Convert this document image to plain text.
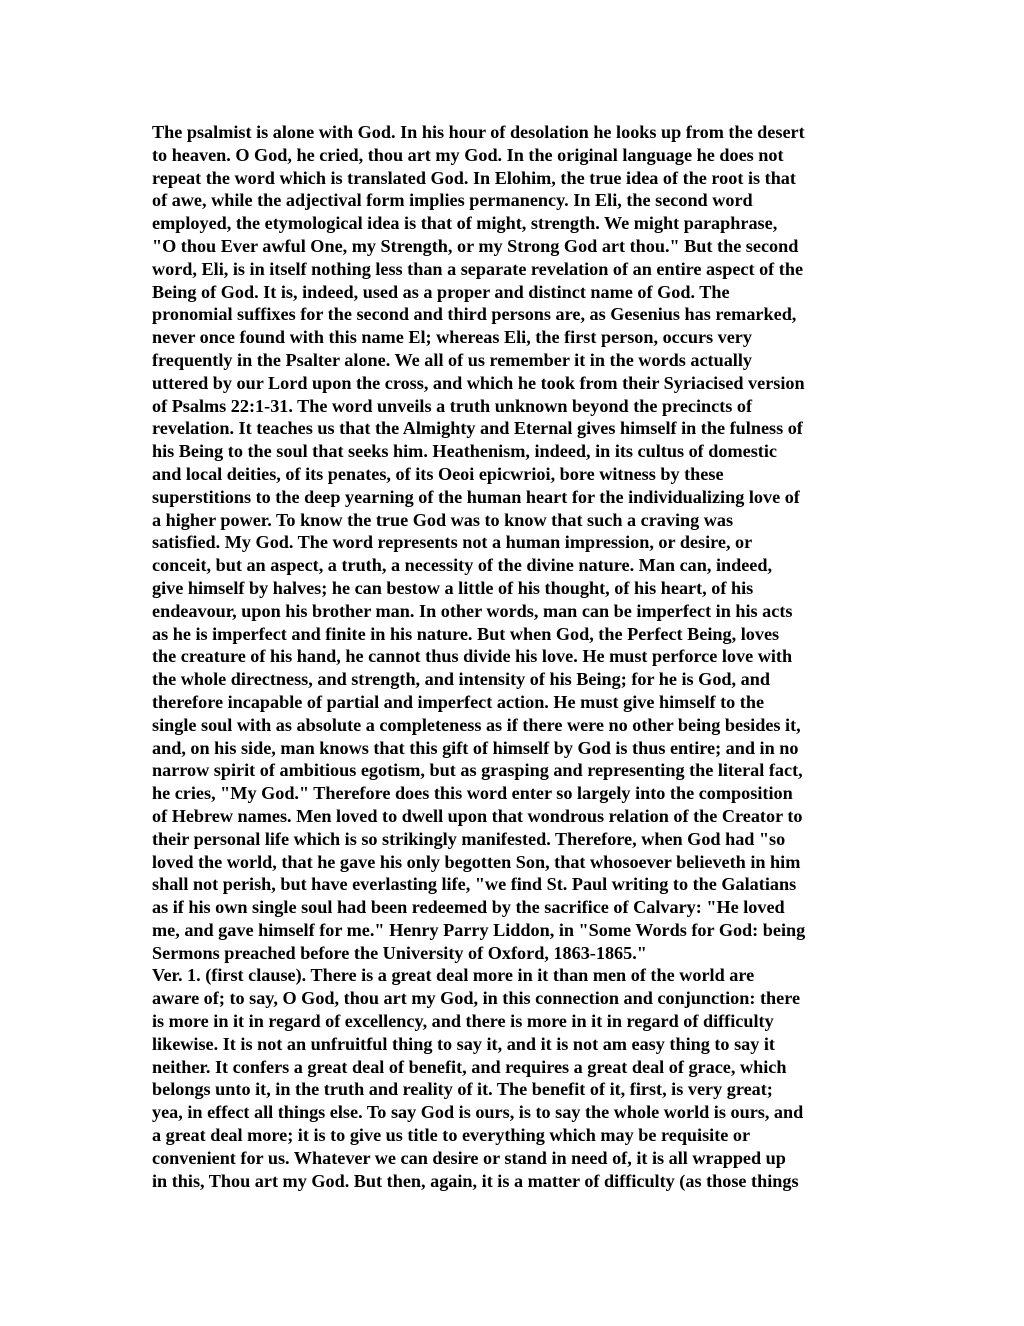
The psalmist is alone with God. In his hour of desolation he looks up from the desert
to heaven. O God, he cried, thou art my God. In the original language he does not
repeat the word which is translated God. In Elohim, the true idea of the root is that
of awe, while the adjectival form implies permanency. In Eli, the second word
employed, the etymological idea is that of might, strength. We might paraphrase,
"O thou Ever awful One, my Strength, or my Strong God art thou." But the second
word, Eli, is in itself nothing less than a separate revelation of an entire aspect of the
Being of God. It is, indeed, used as a proper and distinct name of God. The
pronomial suffixes for the second and third persons are, as Gesenius has remarked,
never once found with this name El; whereas Eli, the first person, occurs very
frequently in the Psalter alone. We all of us remember it in the words actually
uttered by our Lord upon the cross, and which he took from their Syriacised version
of Psalms 22:1-31. The word unveils a truth unknown beyond the precincts of
revelation. It teaches us that the Almighty and Eternal gives himself in the fulness of
his Being to the soul that seeks him. Heathenism, indeed, in its cultus of domestic
and local deities, of its penates, of its Oeoi epicwrioi, bore witness by these
superstitions to the deep yearning of the human heart for the individualizing love of
a higher power. To know the true God was to know that such a craving was
satisfied. My God. The word represents not a human impression, or desire, or
conceit, but an aspect, a truth, a necessity of the divine nature. Man can, indeed,
give himself by halves; he can bestow a little of his thought, of his heart, of his
endeavour, upon his brother man. In other words, man can be imperfect in his acts
as he is imperfect and finite in his nature. But when God, the Perfect Being, loves
the creature of his hand, he cannot thus divide his love. He must perforce love with
the whole directness, and strength, and intensity of his Being; for he is God, and
therefore incapable of partial and imperfect action. He must give himself to the
single soul with as absolute a completeness as if there were no other being besides it,
and, on his side, man knows that this gift of himself by God is thus entire; and in no
narrow spirit of ambitious egotism, but as grasping and representing the literal fact,
he cries, "My God." Therefore does this word enter so largely into the composition
of Hebrew names. Men loved to dwell upon that wondrous relation of the Creator to
their personal life which is so strikingly manifested. Therefore, when God had "so
loved the world, that he gave his only begotten Son, that whosoever believeth in him
shall not perish, but have everlasting life, "we find St. Paul writing to the Galatians
as if his own single soul had been redeemed by the sacrifice of Calvary: "He loved
me, and gave himself for me." Henry Parry Liddon, in "Some Words for God: being
Sermons preached before the University of Oxford, 1863-1865."
Ver. 1. (first clause). There is a great deal more in it than men of the world are
aware of; to say, O God, thou art my God, in this connection and conjunction: there
is more in it in regard of excellency, and there is more in it in regard of difficulty
likewise. It is not an unfruitful thing to say it, and it is not am easy thing to say it
neither. It confers a great deal of benefit, and requires a great deal of grace, which
belongs unto it, in the truth and reality of it. The benefit of it, first, is very great;
yea, in effect all things else. To say God is ours, is to say the whole world is ours, and
a great deal more; it is to give us title to everything which may be requisite or
convenient for us. Whatever we can desire or stand in need of, it is all wrapped up
in this, Thou art my God. But then, again, it is a matter of difficulty (as those things
